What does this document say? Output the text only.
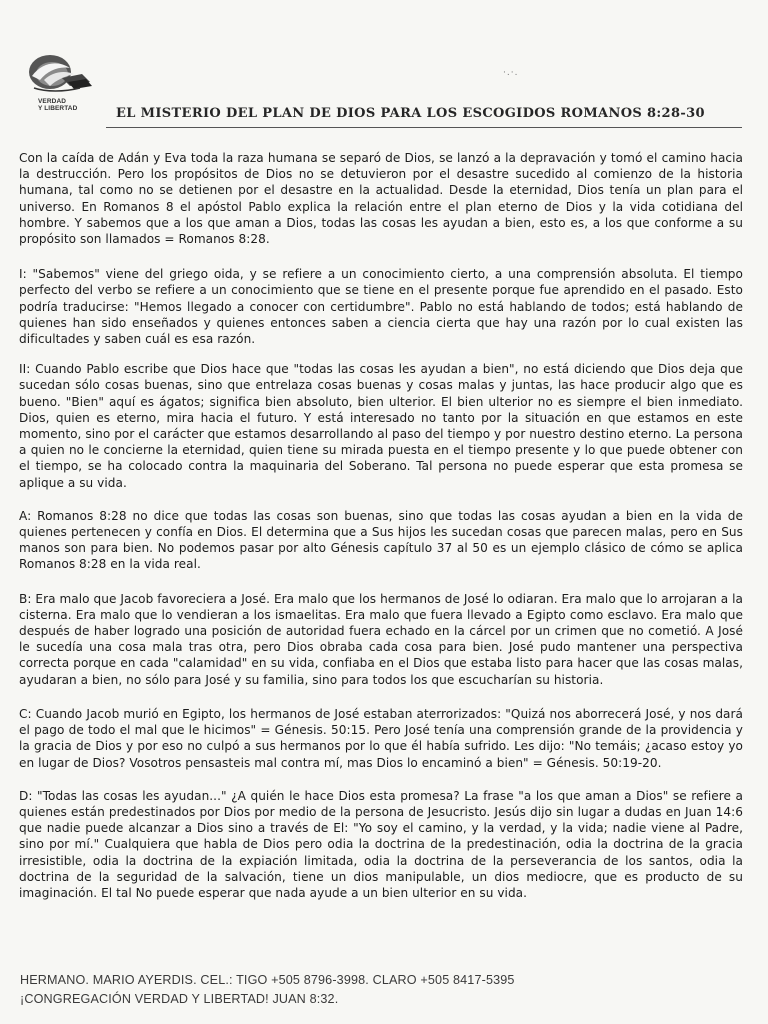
VERDAD
Y LIBERTAD
·.·.
EL MISTERIO DEL PLAN DE DIOS PARA LOS ESCOGIDOS ROMANOS 8:28-30

Con la caída de Adán y Eva toda la raza humana se separó de Dios, se lanzó a la depravación y tomó el camino hacia la destrucción. Pero los propósitos de Dios no se detuvieron por el desastre sucedido al comienzo de la historia humana, tal como no se detienen por el desastre en la actualidad. Desde la eternidad, Dios tenía un plan para el universo. En Romanos 8 el apóstol Pablo explica la relación entre el plan eterno de Dios y la vida cotidiana del hombre. Y sabemos que a los que aman a Dios, todas las cosas les ayudan a bien, esto es, a los que conforme a su propósito son llamados = Romanos 8:28.

I: "Sabemos" viene del griego oida, y se refiere a un conocimiento cierto, a una comprensión absoluta. El tiempo perfecto del verbo se refiere a un conocimiento que se tiene en el presente porque fue aprendido en el pasado. Esto podría traducirse: "Hemos llegado a conocer con certidumbre". Pablo no está hablando de todos; está hablando de quienes han sido enseñados y quienes entonces saben a ciencia cierta que hay una razón por lo cual existen las dificultades y saben cuál es esa razón.

II: Cuando Pablo escribe que Dios hace que "todas las cosas les ayudan a bien", no está diciendo que Dios deja que sucedan sólo cosas buenas, sino que entrelaza cosas buenas y cosas malas y juntas, las hace producir algo que es bueno. "Bien" aquí es ágatos; significa bien absoluto, bien ulterior. El bien ulterior no es siempre el bien inmediato. Dios, quien es eterno, mira hacia el futuro. Y está interesado no tanto por la situación en que estamos en este momento, sino por el carácter que estamos desarrollando al paso del tiempo y por nuestro destino eterno. La persona a quien no le concierne la eternidad, quien tiene su mirada puesta en el tiempo presente y lo que puede obtener con el tiempo, se ha colocado contra la maquinaria del Soberano. Tal persona no puede esperar que esta promesa se aplique a su vida.

A: Romanos 8:28 no dice que todas las cosas son buenas, sino que todas las cosas ayudan a bien en la vida de quienes pertenecen y confía en Dios. El determina que a Sus hijos les sucedan cosas que parecen malas, pero en Sus manos son para bien. No podemos pasar por alto Génesis capítulo 37 al 50 es un ejemplo clásico de cómo se aplica Romanos 8:28 en la vida real.

B: Era malo que Jacob favoreciera a José. Era malo que los hermanos de José lo odiaran. Era malo que lo arrojaran a la cisterna. Era malo que lo vendieran a los ismaelitas. Era malo que fuera llevado a Egipto como esclavo. Era malo que después de haber logrado una posición de autoridad fuera echado en la cárcel por un crimen que no cometió. A José le sucedía una cosa mala tras otra, pero Dios obraba cada cosa para bien. José pudo mantener una perspectiva correcta porque en cada "calamidad" en su vida, confiaba en el Dios que estaba listo para hacer que las cosas malas, ayudaran a bien, no sólo para José y su familia, sino para todos los que escucharían su historia.

C: Cuando Jacob murió en Egipto, los hermanos de José estaban aterrorizados: "Quizá nos aborrecerá José, y nos dará el pago de todo el mal que le hicimos" = Génesis. 50:15. Pero José tenía una comprensión grande de la providencia y la gracia de Dios y por eso no culpó a sus hermanos por lo que él había sufrido. Les dijo: "No temáis; ¿acaso estoy yo en lugar de Dios? Vosotros pensasteis mal contra mí, mas Dios lo encaminó a bien" = Génesis. 50:19-20.

D: "Todas las cosas les ayudan..." ¿A quién le hace Dios esta promesa? La frase "a los que aman a Dios" se refiere a quienes están predestinados por Dios por medio de la persona de Jesucristo. Jesús dijo sin lugar a dudas en Juan 14:6 que nadie puede alcanzar a Dios sino a través de El: "Yo soy el camino, y la verdad, y la vida; nadie viene al Padre, sino por mí." Cualquiera que habla de Dios pero odia la doctrina de la predestinación, odia la doctrina de la gracia irresistible, odia la doctrina de la expiación limitada, odia la doctrina de la perseverancia de los santos, odia la doctrina de la seguridad de la salvación, tiene un dios manipulable, un dios mediocre, que es producto de su imaginación. El tal No puede esperar que nada ayude a un bien ulterior en su vida.

HERMANO. MARIO AYERDIS. CEL.: TIGO +505 8796-3998. CLARO +505 8417-5395
¡CONGREGACIÓN VERDAD Y LIBERTAD! JUAN 8:32.
